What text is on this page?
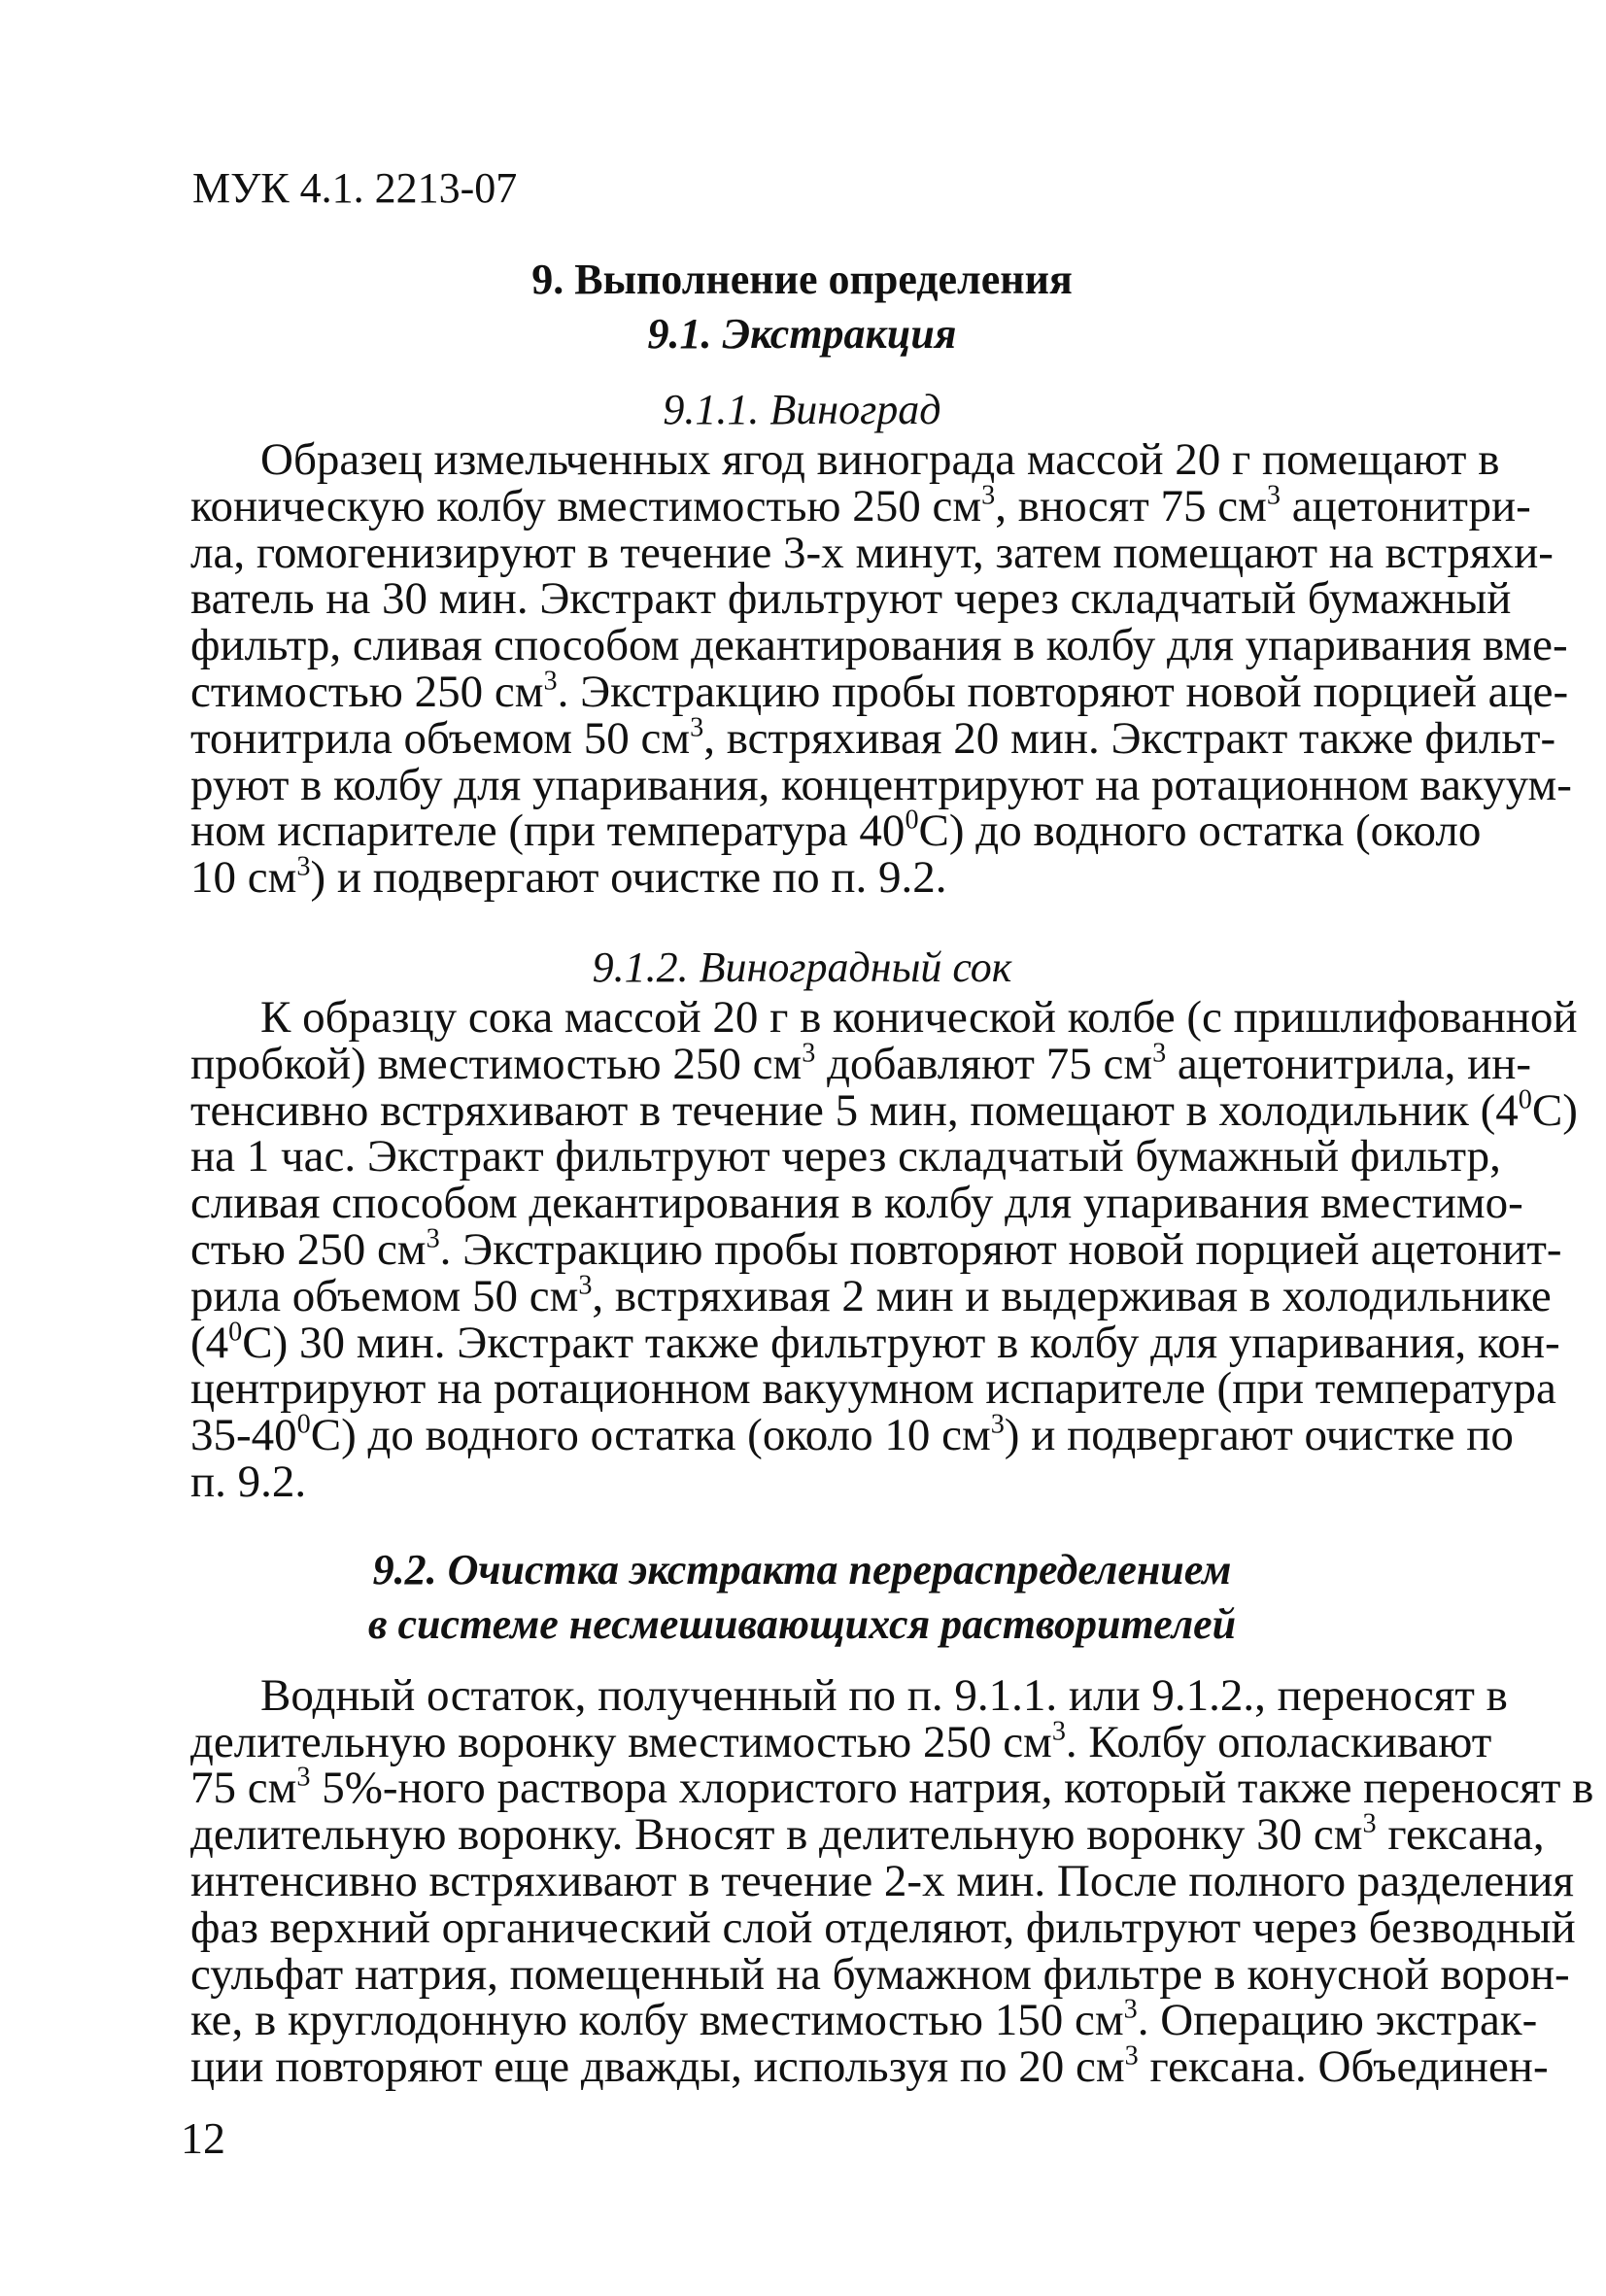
МУК 4.1. 2213-07

9. Выполнение определения

9.1. Экстракция

9.1.1. Виноград

Образец измельченных ягод винограда массой 20 г помещают в
коническую колбу вместимостью 250 $см^3$, вносят 75 $см^3$ ацетонитри-
ла, гомогенизируют в течение 3-х минут, затем помещают на встряхи-
ватель на 30 мин. Экстракт фильтруют через складчатый бумажный
фильтр, сливая способом декантирования в колбу для упаривания вме-
стимостью 250 $см^3$. Экстракцию пробы повторяют новой порцией аце-
тонитрила объемом 50 $см^3$, встряхивая 20 мин. Экстракт также фильт-
руют в колбу для упаривания, концентрируют на ротационном вакуум-
ном испарителе (при температура $40^0С$) до водного остатка (около
10 $см^3$) и подвергают очистке по п. 9.2.

9.1.2. Виноградный сок

К образцу сока массой 20 г в конической колбе (с пришлифованной
пробкой) вместимостью 250 $см^3$ добавляют 75 $см^3$ ацетонитрила, ин-
тенсивно встряхивают в течение 5 мин, помещают в холодильник $(4^0С)$
на 1 час. Экстракт фильтруют через складчатый бумажный фильтр,
сливая способом декантирования в колбу для упаривания вместимо-
стью 250 $см^3$. Экстракцию пробы повторяют новой порцией ацетонит-
рила объемом 50 $см^3$, встряхивая 2 мин и выдерживая в холодильнике
$(4^0С)$ 30 мин. Экстракт также фильтруют в колбу для упаривания, кон-
центрируют на ротационном вакуумном испарителе (при температура
$35-40^0С$) до водного остатка (около 10 $см^3$) и подвергают очистке по
п. 9.2.

9.2. Очистка экстракта перераспределением

в системе несмешивающихся растворителей

Водный остаток, полученный по п. 9.1.1. или 9.1.2., переносят в
делительную воронку вместимостью 250 $см^3$. Колбу ополаскивают
75 $см^3$ 5%-ного раствора хлористого натрия, который также переносят в
делительную воронку. Вносят в делительную воронку 30 $см^3$ гексана,
интенсивно встряхивают в течение 2-х мин. После полного разделения
фаз верхний органический слой отделяют, фильтруют через безводный
сульфат натрия, помещенный на бумажном фильтре в конусной ворон-
ке, в круглодонную колбу вместимостью 150 $см^3$. Операцию экстрак-
ции повторяют еще дважды, используя по 20 $см^3$ гексана. Объединен-
12
